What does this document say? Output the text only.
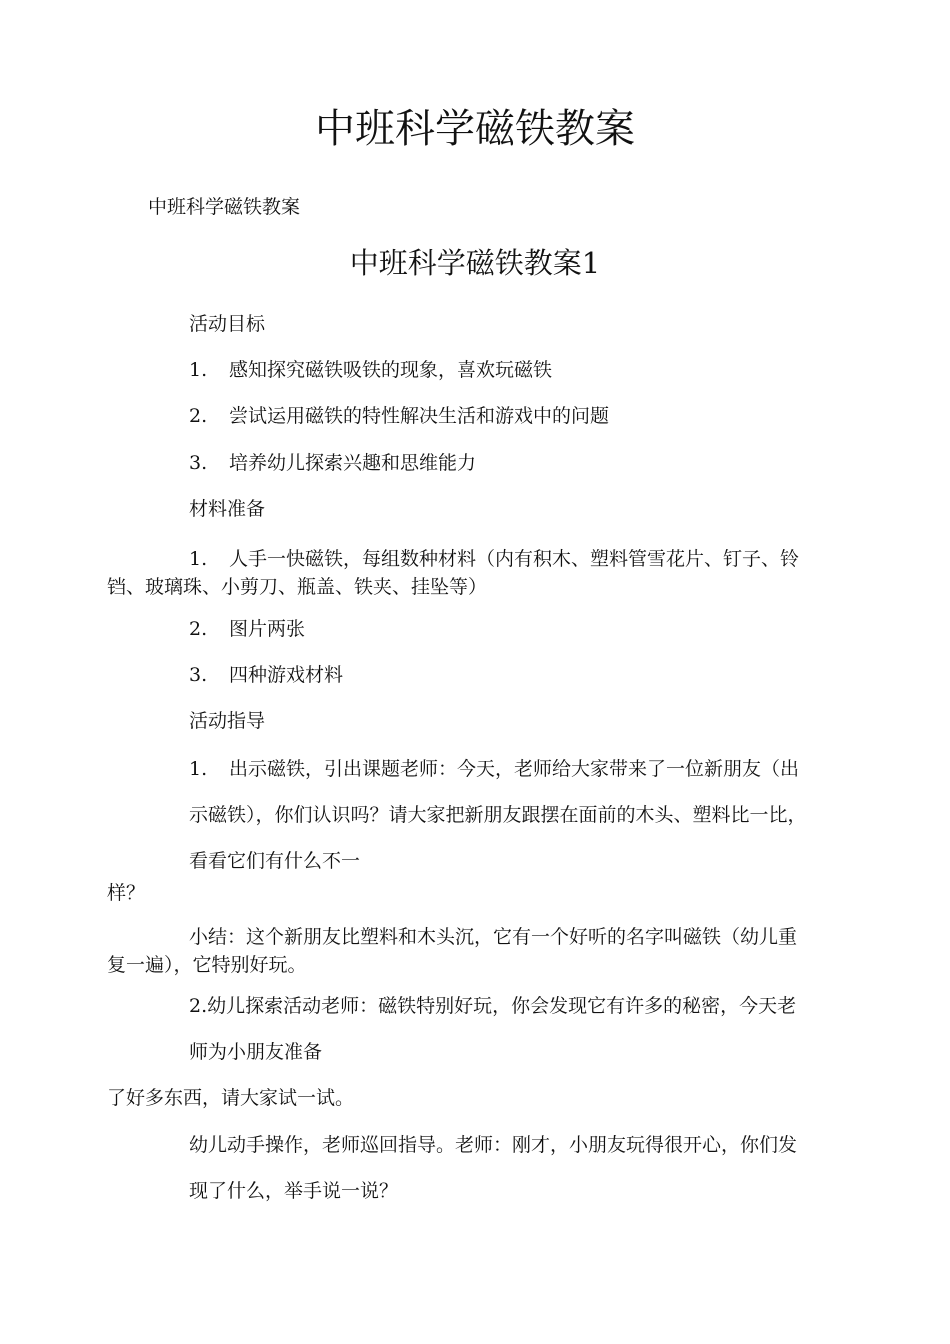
中班科学磁铁教案
中班科学磁铁教案
中班科学磁铁教案1
活动目标
1. 感知探究磁铁吸铁的现象，喜欢玩磁铁
2. 尝试运用磁铁的特性解决生活和游戏中的问题
3. 培养幼儿探索兴趣和思维能力
材料准备
1. 人手一快磁铁，每组数种材料（内有积木、塑料管雪花片、钉子、铃
铛、玻璃珠、小剪刀、瓶盖、铁夹、挂坠等）
2. 图片两张
3. 四种游戏材料
活动指导
1. 出示磁铁，引出课题老师：今天，老师给大家带来了一位新朋友（出
示磁铁），你们认识吗？请大家把新朋友跟摆在面前的木头、塑料比一比，
看看它们有什么不一
样？
小结：这个新朋友比塑料和木头沉，它有一个好听的名字叫磁铁（幼儿重
复一遍），它特别好玩。
2.幼儿探索活动老师：磁铁特别好玩，你会发现它有许多的秘密，今天老
师为小朋友准备
了好多东西，请大家试一试。
幼儿动手操作，老师巡回指导。老师：刚才，小朋友玩得很开心，你们发
现了什么，举手说一说？
